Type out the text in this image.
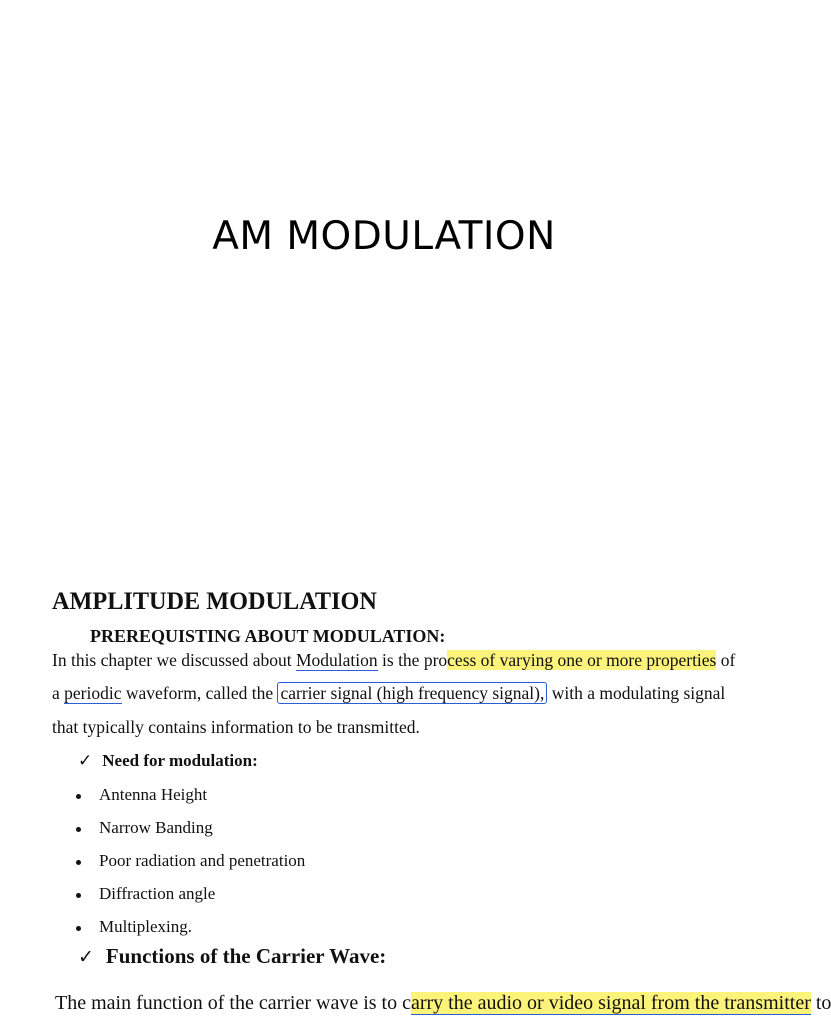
AM MODULATION
AMPLITUDE MODULATION
PREREQUISTING ABOUT MODULATION:
In this chapter we discussed about Modulation is the process of varying one or more properties of
a periodic waveform, called the carrier signal (high frequency signal), with a modulating signal
that typically contains information to be transmitted.
✓ Need for modulation:
Antenna Height
Narrow Banding
Poor radiation and penetration
Diffraction angle
Multiplexing.
✓ Functions of the Carrier Wave:
The main function of the carrier wave is to carry the audio or video signal from the transmitter to
